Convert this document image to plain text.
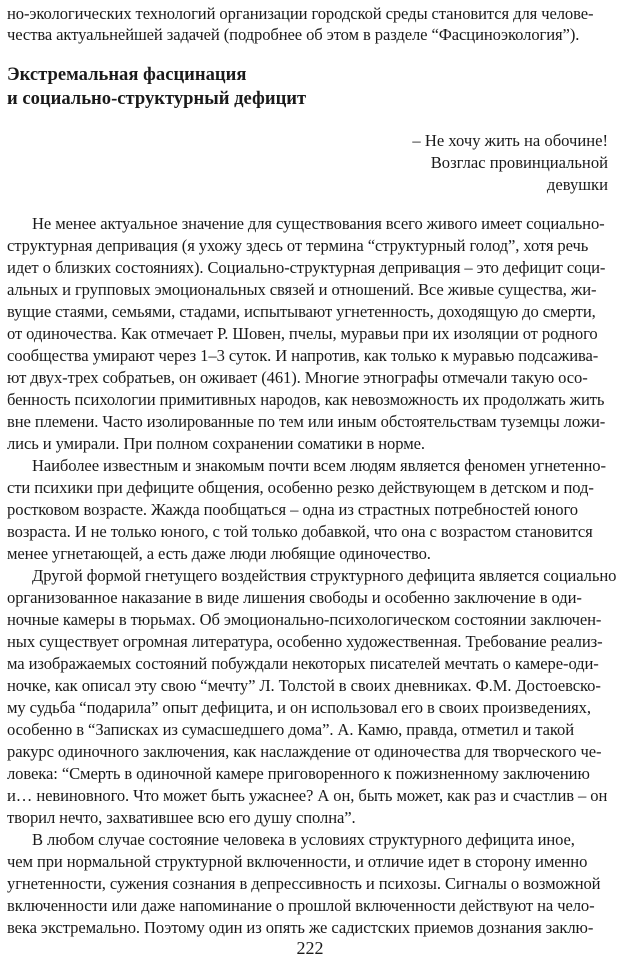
но-экологических технологий организации городской среды становится для челове-
чества актуальнейшей задачей (подробнее об этом в разделе “Фасциноэкология”).
Экстремальная фасцинация
и социально-структурный дефицит
– Не хочу жить на обочине!
Возглас провинциальной
девушки
Не менее актуальное значение для существования всего живого имеет социально-
структурная депривация (я ухожу здесь от термина “структурный голод”, хотя речь
идет о близких состояниях). Социально-структурная депривация – это дефицит соци-
альных и групповых эмоциональных связей и отношений. Все живые существа, жи-
вущие стаями, семьями, стадами, испытывают угнетенность, доходящую до смерти,
от одиночества. Как отмечает Р. Шовен, пчелы, муравьи при их изоляции от родного
сообщества умирают через 1–3 суток. И напротив, как только к муравью подсажива-
ют двух-трех собратьев, он оживает (461). Многие этнографы отмечали такую осо-
бенность психологии примитивных народов, как невозможность их продолжать жить
вне племени. Часто изолированные по тем или иным обстоятельствам туземцы ложи-
лись и умирали. При полном сохранении соматики в норме.
Наиболее известным и знакомым почти всем людям является феномен угнетенно-
сти психики при дефиците общения, особенно резко действующем в детском и под-
ростковом возрасте. Жажда пообщаться – одна из страстных потребностей юного
возраста. И не только юного, с той только добавкой, что она с возрастом становится
менее угнетающей, а есть даже люди любящие одиночество.
Другой формой гнетущего воздействия структурного дефицита является социально
организованное наказание в виде лишения свободы и особенно заключение в оди-
ночные камеры в тюрьмах. Об эмоционально-психологическом состоянии заключен-
ных существует огромная литература, особенно художественная. Требование реализ-
ма изображаемых состояний побуждали некоторых писателей мечтать о камере-оди-
ночке, как описал эту свою “мечту” Л. Толстой в своих дневниках. Ф.М. Достоевско-
му судьба “подарила” опыт дефицита, и он использовал его в своих произведениях,
особенно в “Записках из сумасшедшего дома”. А. Камю, правда, отметил и такой
ракурс одиночного заключения, как наслаждение от одиночества для творческого че-
ловека: “Смерть в одиночной камере приговоренного к пожизненному заключению
и… невиновного. Что может быть ужаснее? А он, быть может, как раз и счастлив – он
творил нечто, захватившее всю его душу сполна”.
В любом случае состояние человека в условиях структурного дефицита иное,
чем при нормальной структурной включенности, и отличие идет в сторону именно
угнетенности, сужения сознания в депрессивность и психозы. Сигналы о возможной
включенности или даже напоминание о прошлой включенности действуют на чело-
222
века экстремально. Поэтому один из опять же садистских приемов дознания заклю-
